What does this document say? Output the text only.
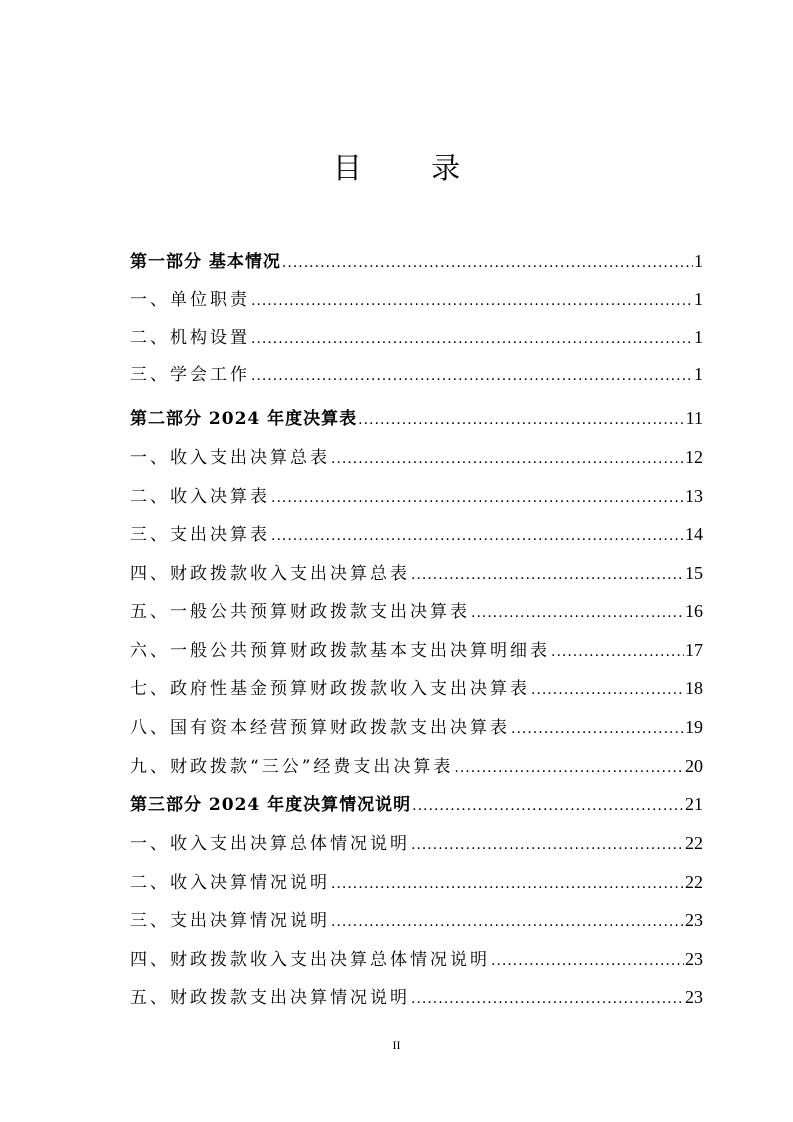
目 录
第一部分 基本情况 .....	1
一、单位职责 .....	1
二、机构设置 .....	1
三、学会工作 .....	1
第二部分 2024 年度决算表 .....	11
一、收入支出决算总表 .....	12
二、收入决算表 .....	13
三、支出决算表 .....	14
四、财政拨款收入支出决算总表 .....	15
五、一般公共预算财政拨款支出决算表 .....	16
六、一般公共预算财政拨款基本支出决算明细表 .....	17
七、政府性基金预算财政拨款收入支出决算表 .....	18
八、国有资本经营预算财政拨款支出决算表 .....	19
九、财政拨款“三公”经费支出决算表 .....	20
第三部分 2024 年度决算情况说明 .....	21
一、收入支出决算总体情况说明 .....	22
二、收入决算情况说明 .....	22
三、支出决算情况说明 .....	23
四、财政拨款收入支出决算总体情况说明 .....	23
五、财政拨款支出决算情况说明 .....	23
II
